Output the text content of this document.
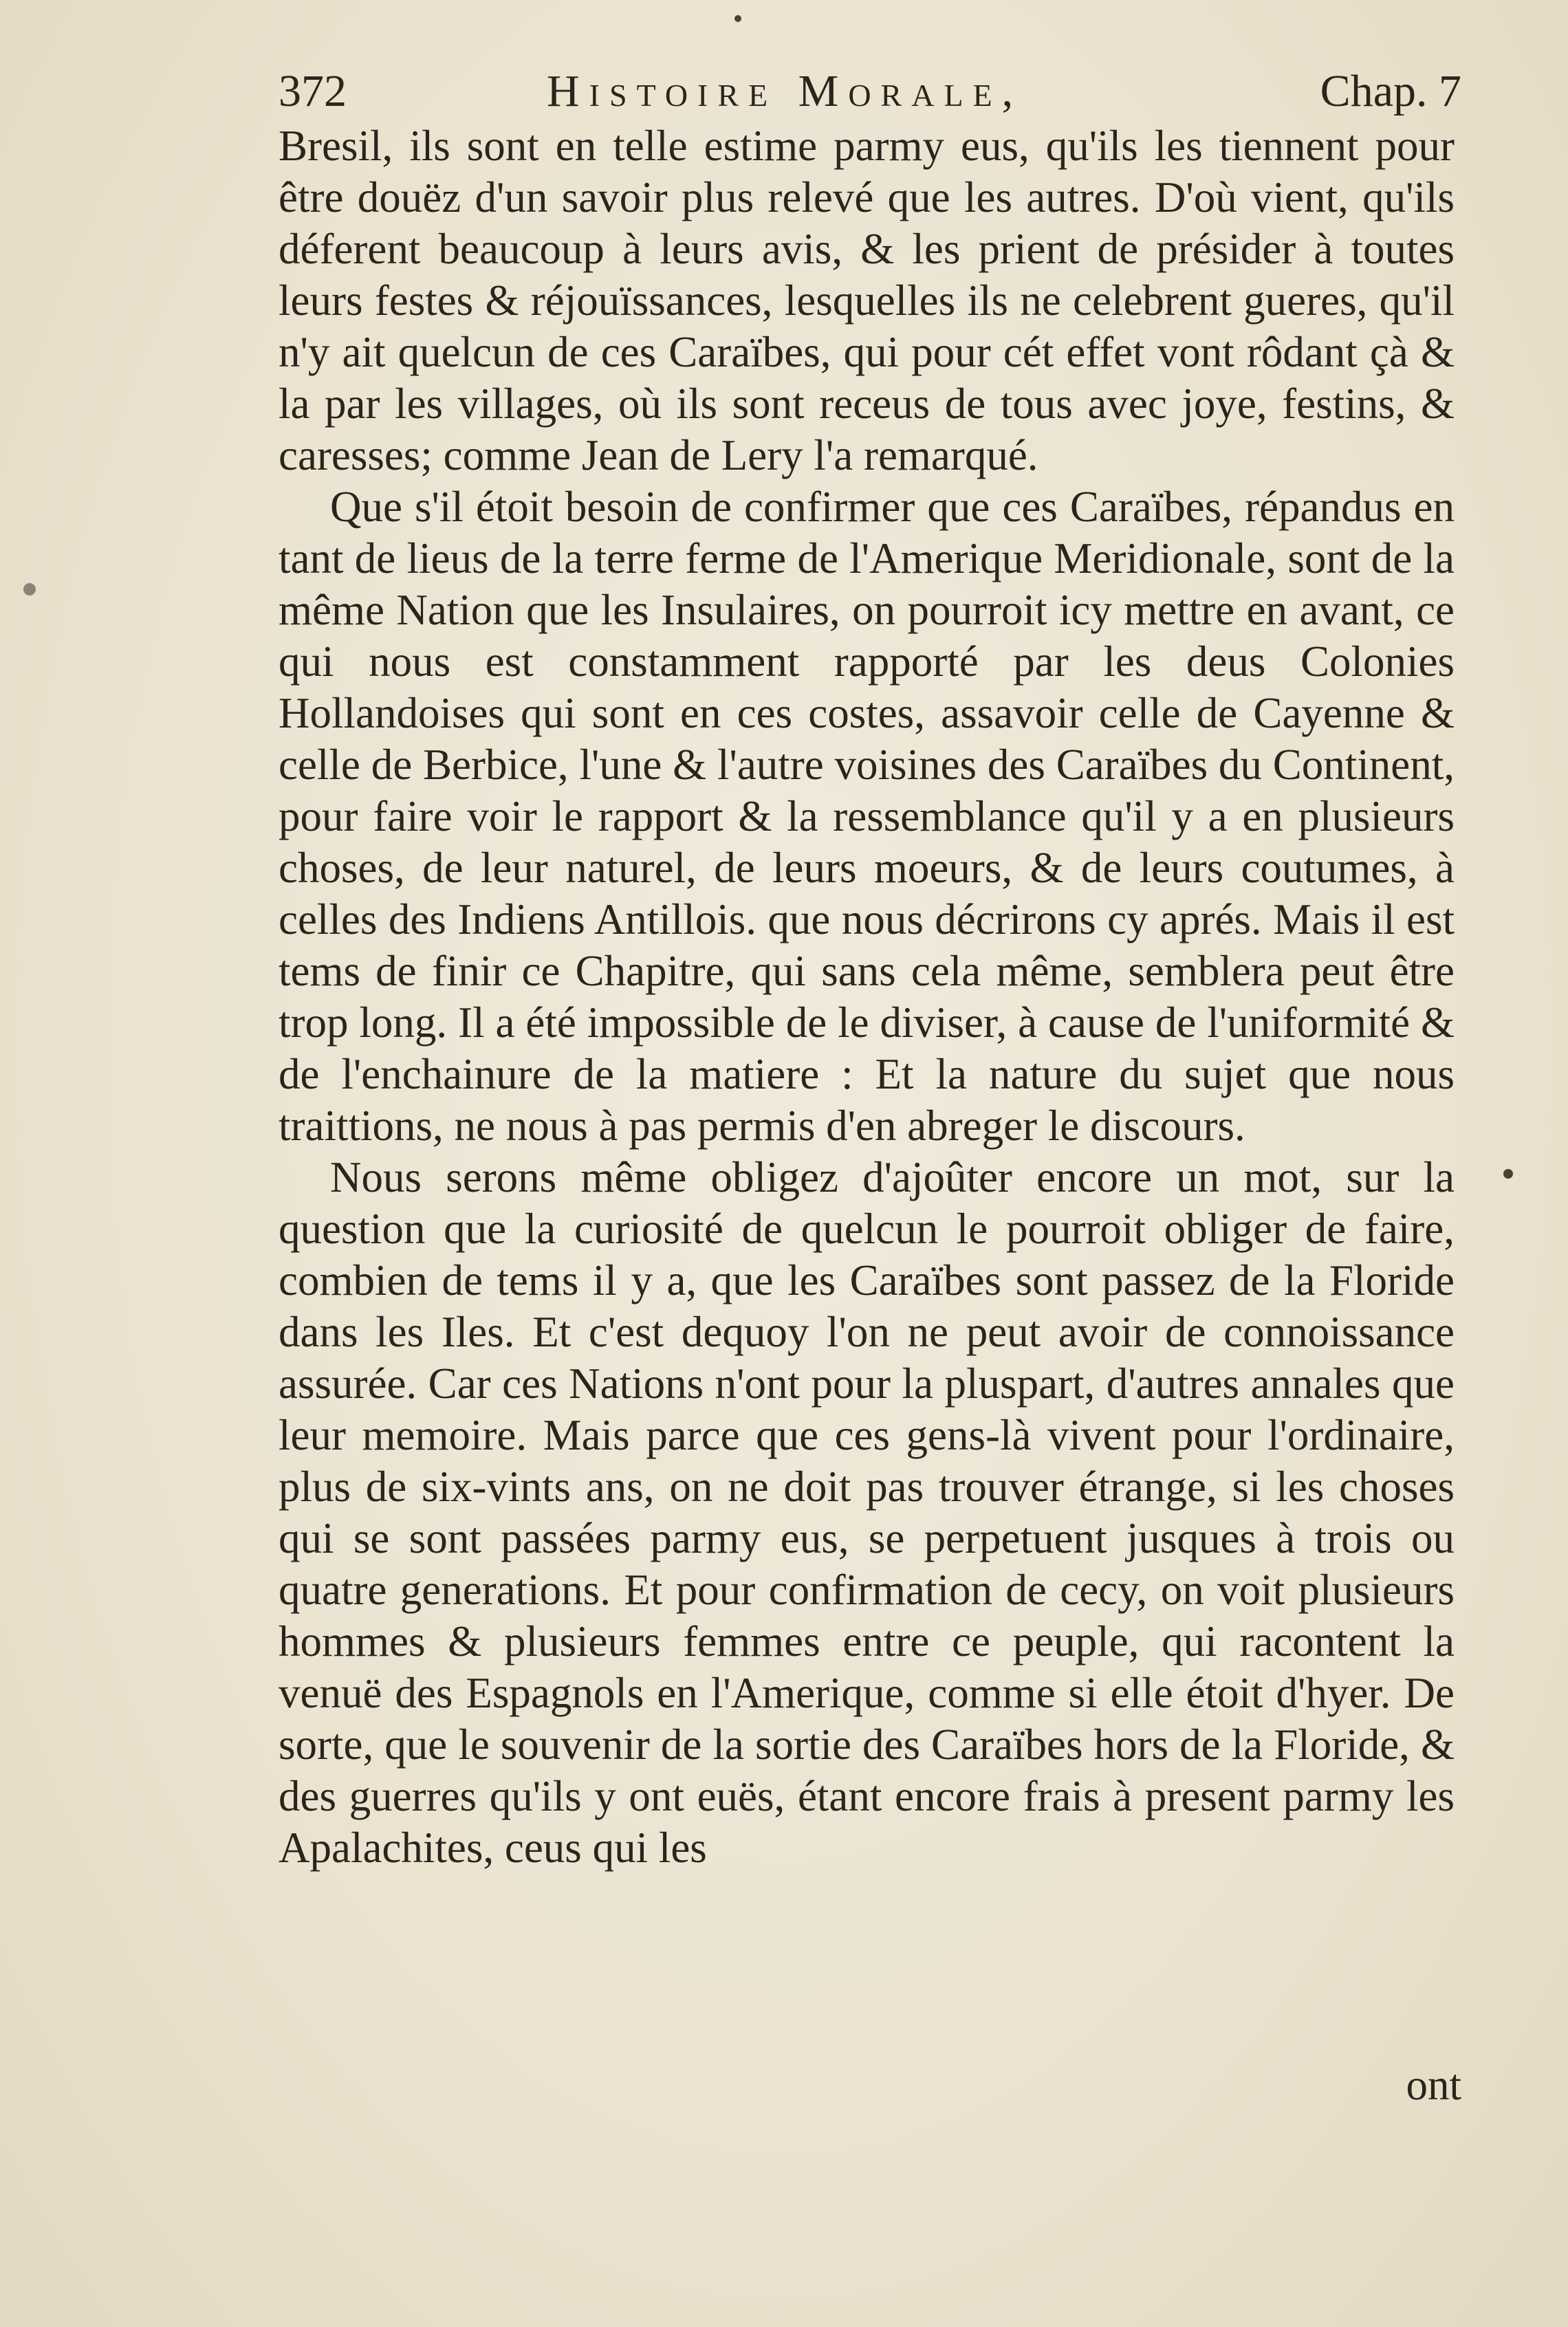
372	Histoire Morale,	Chap. 7

Bresil, ils sont en telle estime parmy eus, qu'ils les tiennent pour être douëz d'un savoir plus relevé que les autres. D'où vient, qu'ils déferent beaucoup à leurs avis, & les prient de présider à toutes leurs festes & réjouïssances, lesquelles ils ne celebrent gueres, qu'il n'y ait quelcun de ces Caraïbes, qui pour cét effet vont rôdant çà & la par les villages, où ils sont receus de tous avec joye, festins, & caresses; comme Jean de Lery l'a remarqué.

Que s'il étoit besoin de confirmer que ces Caraïbes, répandus en tant de lieus de la terre ferme de l'Amerique Meridionale, sont de la même Nation que les Insulaires, on pourroit icy mettre en avant, ce qui nous est constamment rapporté par les deus Colonies Hollandoises qui sont en ces costes, assavoir celle de Cayenne & celle de Berbice, l'une & l'autre voisines des Caraïbes du Continent, pour faire voir le rapport & la ressemblance qu'il y a en plusieurs choses, de leur naturel, de leurs moeurs, & de leurs coutumes, à celles des Indiens Antillois. que nous décrirons cy aprés. Mais il est tems de finir ce Chapitre, qui sans cela même, semblera peut être trop long. Il a été impossible de le diviser, à cause de l'uniformité & de l'enchainure de la matiere : Et la nature du sujet que nous traittions, ne nous à pas permis d'en abreger le discours.

Nous serons même obligez d'ajoûter encore un mot, sur la question que la curiosité de quelcun le pourroit obliger de faire, combien de tems il y a, que les Caraïbes sont passez de la Floride dans les Iles. Et c'est dequoy l'on ne peut avoir de connoissance assurée. Car ces Nations n'ont pour la pluspart, d'autres annales que leur memoire. Mais parce que ces gens-là vivent pour l'ordinaire, plus de six-vints ans, on ne doit pas trouver étrange, si les choses qui se sont passées parmy eus, se perpetuent jusques à trois ou quatre generations. Et pour confirmation de cecy, on voit plusieurs hommes & plusieurs femmes entre ce peuple, qui racontent la venuë des Espagnols en l'Amerique, comme si elle étoit d'hyer. De sorte, que le souvenir de la sortie des Caraïbes hors de la Floride, & des guerres qu'ils y ont euës, étant encore frais à present parmy les Apalachites, ceus qui les

ont
